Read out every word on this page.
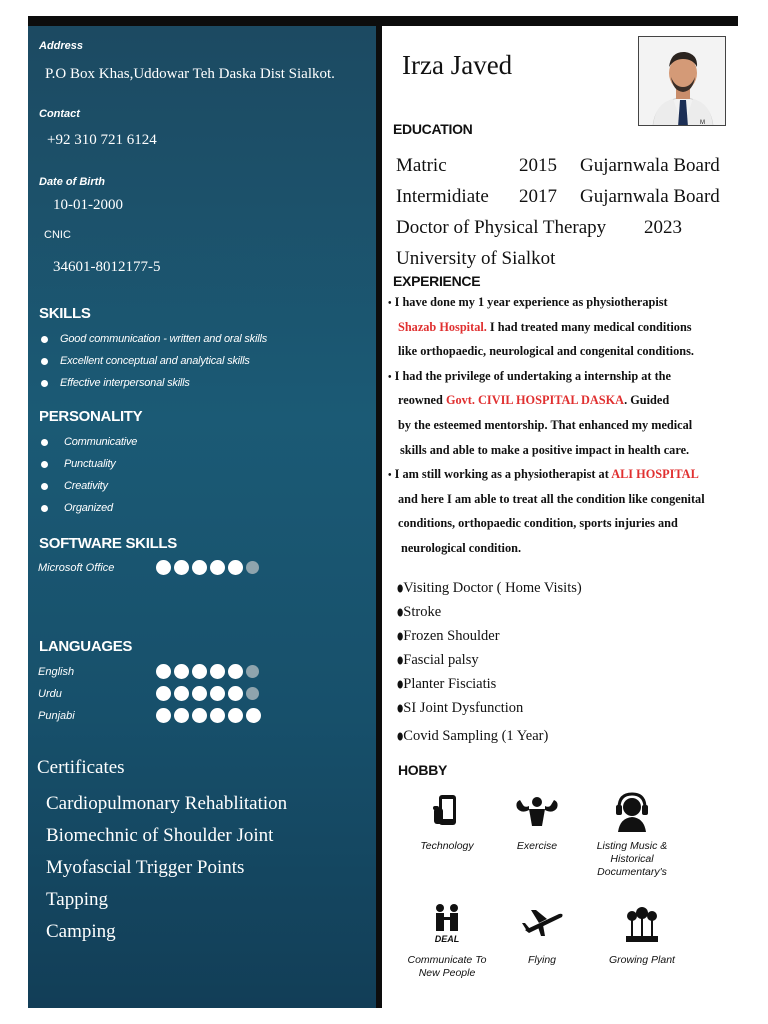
Address
P.O Box Khas,Uddowar Teh Daska Dist Sialkot.
Contact
+92 310 721 6124
Date of Birth
10-01-2000
CNIC
34601-8012177-5
SKILLS
Good communication - written and oral skills
Excellent conceptual and analytical skills
Effective interpersonal skills
PERSONALITY
Communicative
Punctuality
Creativity
Organized
SOFTWARE SKILLS
Microsoft Office
LANGUAGES
English
Urdu
Punjabi
Certificates
Cardiopulmonary Rehablitation
Biomechnic of Shoulder Joint
Myofascial Trigger Points
Tapping
Camping
Irza Javed
M
EDUCATION
Matric	2015 Gujarnwala Board
Intermidiate 2017 Gujarnwala Board
Doctor of Physical Therapy 2023
University of Sialkot
EXPERIENCE

• I have done my 1 year experience as physiotherapist

Shazab Hospital. I had treated many medical conditions

like orthopaedic, neurological and congenital conditions.

• I had the privilege of undertaking a internship at the

reowned Govt. CIVIL HOSPITAL DASKA. Guided

by the esteemed mentorship. That enhanced my medical

skills and able to make a positive impact in health care.

• I am still working as a physiotherapist at ALI HOSPITAL

and here I am able to treat all the condition like congenital

conditions, orthopaedic condition, sports injuries and

neurological condition.

⬮Visiting Doctor ( Home Visits)
⬮Stroke
⬮Frozen Shoulder
⬮Fascial palsy
⬮Planter Fisciatis
⬮SI Joint Dysfunction
⬮Covid Sampling (1 Year)
HOBBY
Technology	Exercise	Listing Music & Historical Documentary's
DEAL
Communicate To New People
Flying	Growing Plant
